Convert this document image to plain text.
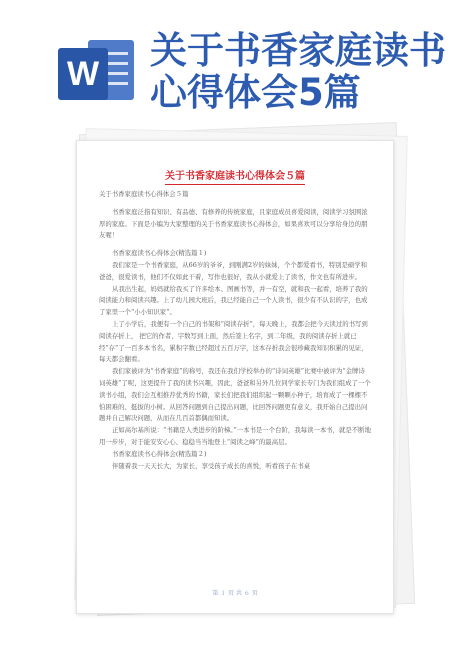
W
关于书香家庭读书
心得体会5篇
关于书香家庭读书心得体会５篇

关于书香家庭读书心得体会５篇

书香家庭泛指有知识、有品德、有修养的传统家庭，且家庭成员喜爱阅读，阅读学习氛围浓厚的家庭。下面是小编为大家整理的关于书香家庭读书心得体会，如果喜欢可以分享给身边的朋友喔！

书香家庭读书心得体会(精选篇１)

我们家是一个书香家庭，从66岁的爷爷，到刚满2岁的妹妹，个个都爱看书，特别是硕学和爸爸，很爱读书，他们不仅如此干着，写作也很好，我从小就爱上了读书，作文也有所进步。

从我出生起，妈妈就给我买了许多绘本、图画书等，并一有空，就和我一起看，培养了我的阅读能力和阅读兴趣。上了幼儿园大班后，我已经能自己一个人读书，很少有不认识的字，也成了家里一个“小小知识家”。

上了小学后，我便有一个自己的书架和“阅读存折”，每天晚上，我都会把今天读过的书写到阅读存折上， 把它的作者、字数写到上面，然后签上名字，到二年级，我的阅读存折上就已经“存”了一百多本书名，累积字数已经超过五百万字，这本存折我会很珍藏我知识积累的见证，每天都会翻看。

我们家被评为“书香家庭”的称号，我还在我们学校举办的“诗词英雄”比赛中被评为“金牌诗词英雄”了呢，这更提升了我的读书兴趣，因此，爸爸和另外几位同学家长专门为我们组成了一个读书小组，我们会互相推荐优秀的书籍，家长们把我们组织起一颗颗小种子，培育成了一棵棵不怕困难的、挺拔的小树。从回答问题到自己提出问题，比回答问题更有意义，我开始自己提出问题并自己解决问题，从而在几百首都偶而知读。

正如高尔基所说：“书籍是人类进步的阶梯。”一本书是一个台阶，我每读一本书，就是不断地用一步步，对于能安安心心、稳稳当当地登上“阅读之峰”的最高层。

书香家庭读书心得体会(精选篇２)

伴随着我一天天长大，为家长，享受孩子成长的喜悦，听看孩子在书桌

第 １ 页 共 ６ 页
